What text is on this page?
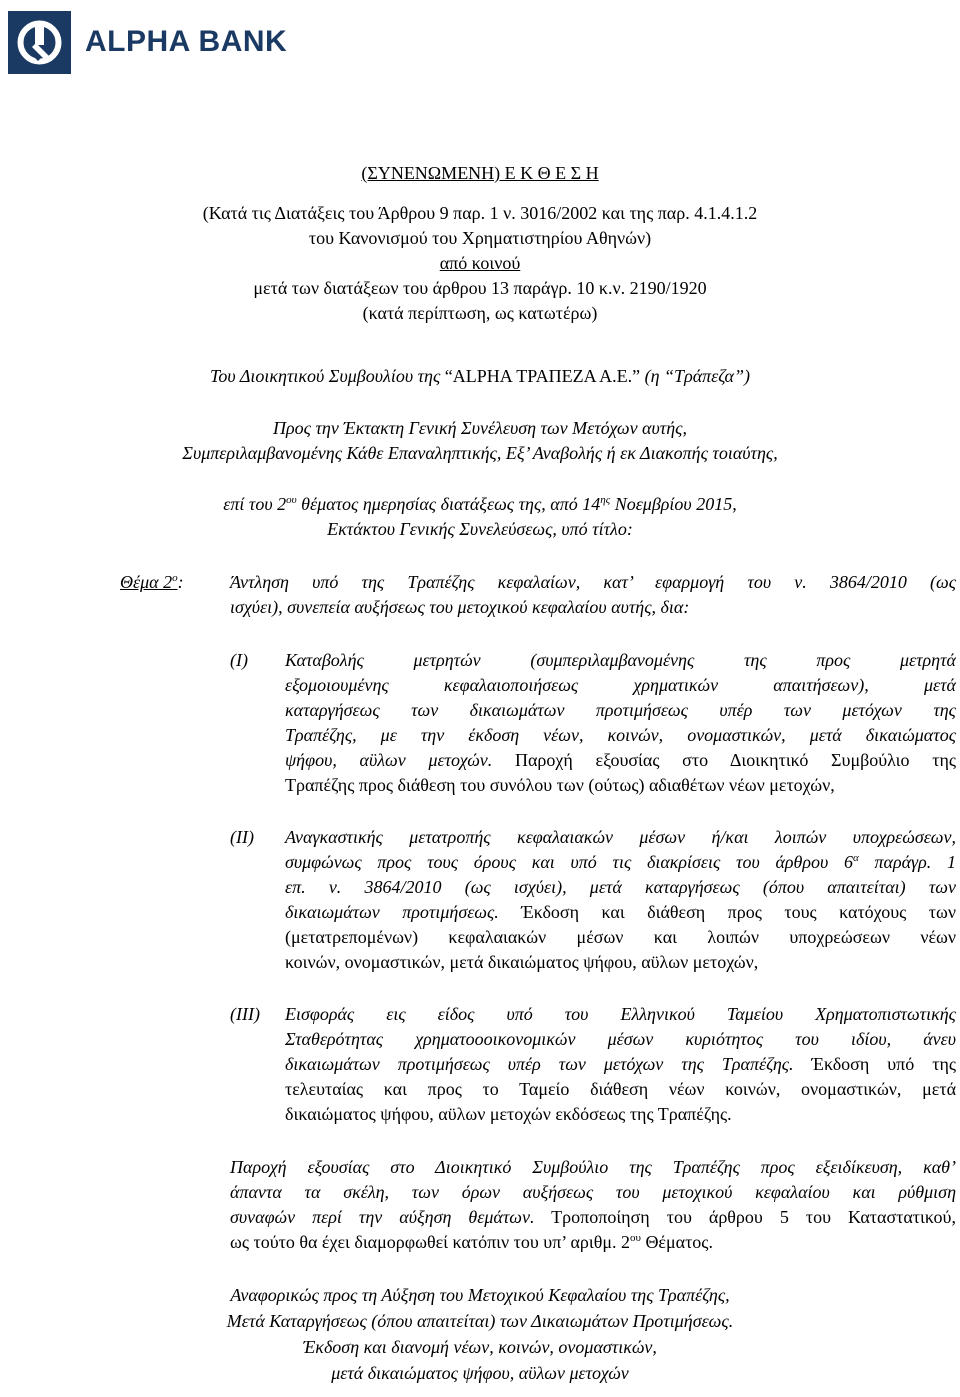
ALPHA BANK
(ΣΥΝΕΝΩΜΕΝΗ) Ε Κ Θ Ε Σ Η
(Κατά τις Διατάξεις του Άρθρου 9 παρ. 1 ν. 3016/2002 και της παρ. 4.1.4.1.2
του Κανονισμού του Χρηματιστηρίου Αθηνών)
από κοινού
μετά των διατάξεων του άρθρου 13 παράγρ. 10 κ.ν. 2190/1920
(κατά περίπτωση, ως κατωτέρω)
Του Διοικητικού Συμβουλίου της “ALPHA ΤΡΑΠΕΖΑ Α.Ε.” (η “Τράπεζα”)
Προς την Έκτακτη Γενική Συνέλευση των Μετόχων αυτής,
Συμπεριλαμβανομένης Κάθε Επαναληπτικής, Εξ’ Αναβολής ή εκ Διακοπής τοιαύτης,
επί του $2^{o\upsilon}$ θέματος ημερησίας διατάξεως της, από $14^{\eta\varsigma}$ Νοεμβρίου 2015,
Εκτάκτου Γενικής Συνελεύσεως, υπό τίτλο:
Θέμα $2^o$:	Άντληση υπό της Τραπέζης κεφαλαίων, κατ’ εφαρμογή του ν. 3864/2010 (ως
ισχύει), συνεπεία αυξήσεως του μετοχικού κεφαλαίου αυτής, δια:
(I) Καταβολής μετρητών (συμπεριλαμβανομένης της προς μετρητά
εξομοιουμένης κεφαλαιοποιήσεως χρηματικών απαιτήσεων), μετά
καταργήσεως των δικαιωμάτων προτιμήσεως υπέρ των μετόχων της
Τραπέζης, με την έκδοση νέων, κοινών, ονομαστικών, μετά δικαιώματος
ψήφου, αϋλων μετοχών. Παροχή εξουσίας στο Διοικητικό Συμβούλιο της
Τραπέζης προς διάθεση του συνόλου των (ούτως) αδιαθέτων νέων μετοχών,
(II) Αναγκαστικής μετατροπής κεφαλαιακών μέσων ή/και λοιπών υποχρεώσεων,
συμφώνως προς τους όρους και υπό τις διακρίσεις του άρθρου $6^\alpha$ παράγρ. 1
επ. ν. 3864/2010 (ως ισχύει), μετά καταργήσεως (όπου απαιτείται) των
δικαιωμάτων προτιμήσεως. Έκδοση και διάθεση προς τους κατόχους των
(μετατρεπομένων) κεφαλαιακών μέσων και λοιπών υποχρεώσεων νέων
κοινών, ονομαστικών, μετά δικαιώματος ψήφου, αϋλων μετοχών,
(III) Εισφοράς εις είδος υπό του Ελληνικού Ταμείου Χρηματοπιστωτικής
Σταθερότητας χρηματοοοικονομικών μέσων κυριότητος του ιδίου, άνευ
δικαιωμάτων προτιμήσεως υπέρ των μετόχων της Τραπέζης. Έκδοση υπό της
τελευταίας και προς το Ταμείο διάθεση νέων κοινών, ονομαστικών, μετά
δικαιώματος ψήφου, αϋλων μετοχών εκδόσεως της Τραπέζης.
Παροχή εξουσίας στο Διοικητικό Συμβούλιο της Τραπέζης προς εξειδίκευση, καθ’
άπαντα τα σκέλη, των όρων αυξήσεως του μετοχικού κεφαλαίου και ρύθμιση
συναφών περί την αύξηση θεμάτων. Τροποποίηση του άρθρου 5 του Καταστατικού,
ως τούτο θα έχει διαμορφωθεί κατόπιν του υπ’ αριθμ. $2^{o\upsilon}$ Θέματος.
Αναφορικώς προς τη Αύξηση του Μετοχικού Κεφαλαίου της Τραπέζης,
Μετά Καταργήσεως (όπου απαιτείται) των Δικαιωμάτων Προτιμήσεως.
Έκδοση και διανομή νέων, κοινών, ονομαστικών,
μετά δικαιώματος ψήφου, αϋλων μετοχών
